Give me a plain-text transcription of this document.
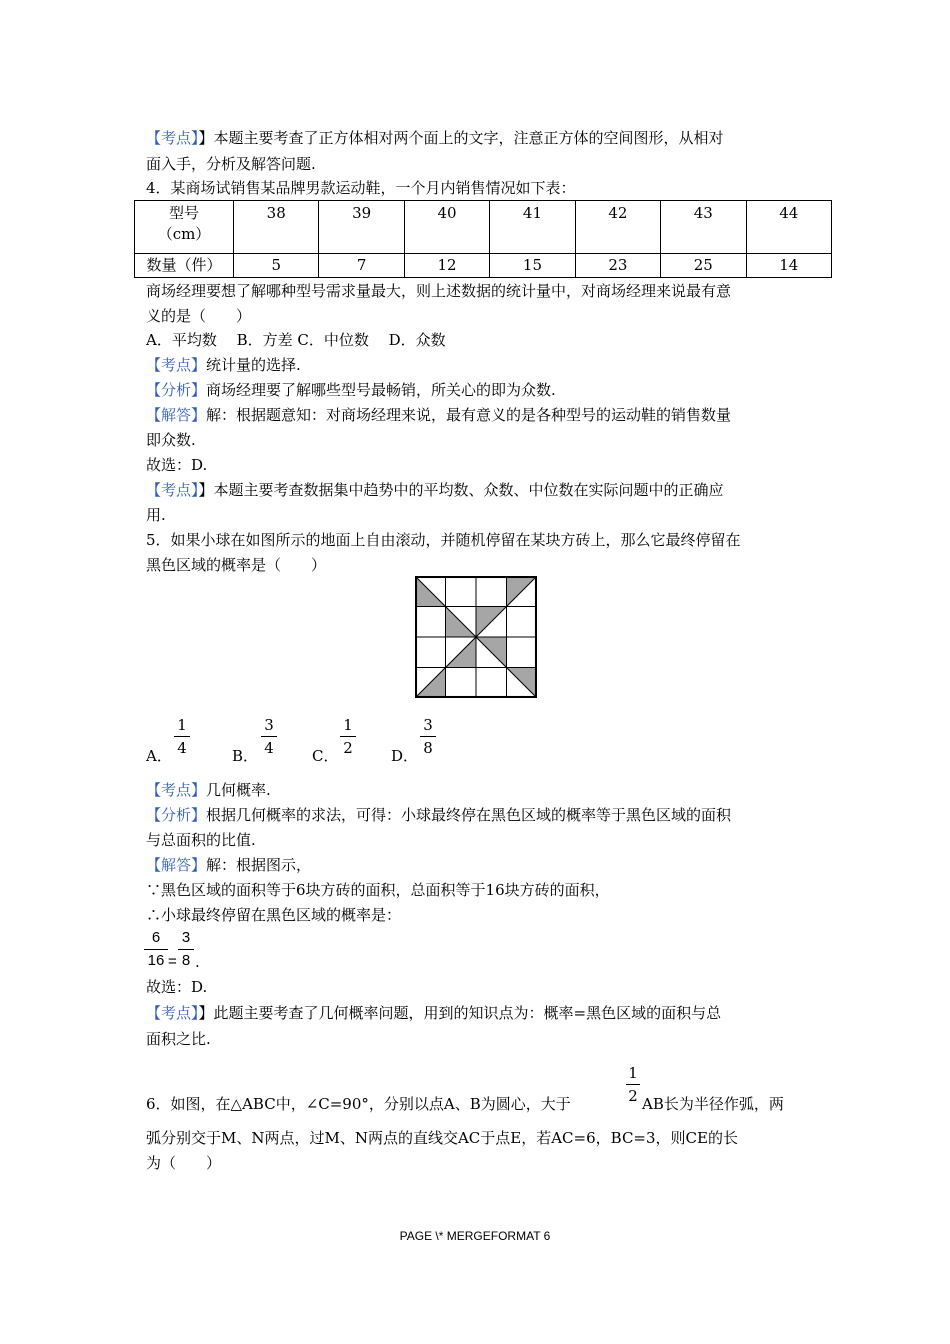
【考点】】本题主要考查了正方体相对两个面上的文字，注意正方体的空间图形，从相对
面入手，分析及解答问题.
4．某商场试销售某品牌男款运动鞋，一个月内销售情况如下表：
型号
（cm）	38	39	40	41	42	43	44
数量（件）	5	7	12	15	23	25	14
商场经理要想了解哪种型号需求量最大，则上述数据的统计量中，对商场经理来说最有意
义的是（　　）
A．平均数　 B．方差 C．中位数　 D．众数
【考点】统计量的选择.
【分析】商场经理要了解哪些型号最畅销，所关心的即为众数.
【解答】解：根据题意知：对商场经理来说，最有意义的是各种型号的运动鞋的销售数量
即众数.
故选：D.
【考点】】本题主要考查数据集中趋势中的平均数、众数、中位数在实际问题中的正确应
用.
5．如果小球在如图所示的地面上自由滚动，并随机停留在某块方砖上，那么它最终停留在
黑色区域的概率是（　　）
A．
1
4	B．
3
4	C．
1
2	D．
3
8
【考点】几何概率.
【分析】根据几何概率的求法，可得：小球最终停在黑色区域的概率等于黑色区域的面积
与总面积的比值.
【解答】解：根据图示，
∵黑色区域的面积等于6块方砖的面积，总面积等于16块方砖的面积，
∴小球最终停留在黑色区域的概率是：
6
16 =
3
8 .
故选：D.
【考点】】此题主要考查了几何概率问题，用到的知识点为：概率=黑色区域的面积与总
面积之比.
6．如图，在△ABC中，∠C=90°，分别以点A、B为圆心，大于
1
2 AB长为半径作弧，两
弧分别交于M、N两点，过M、N两点的直线交AC于点E，若AC=6，BC=3，则CE的长
为（　　）
PAGE \* MERGEFORMAT 6
